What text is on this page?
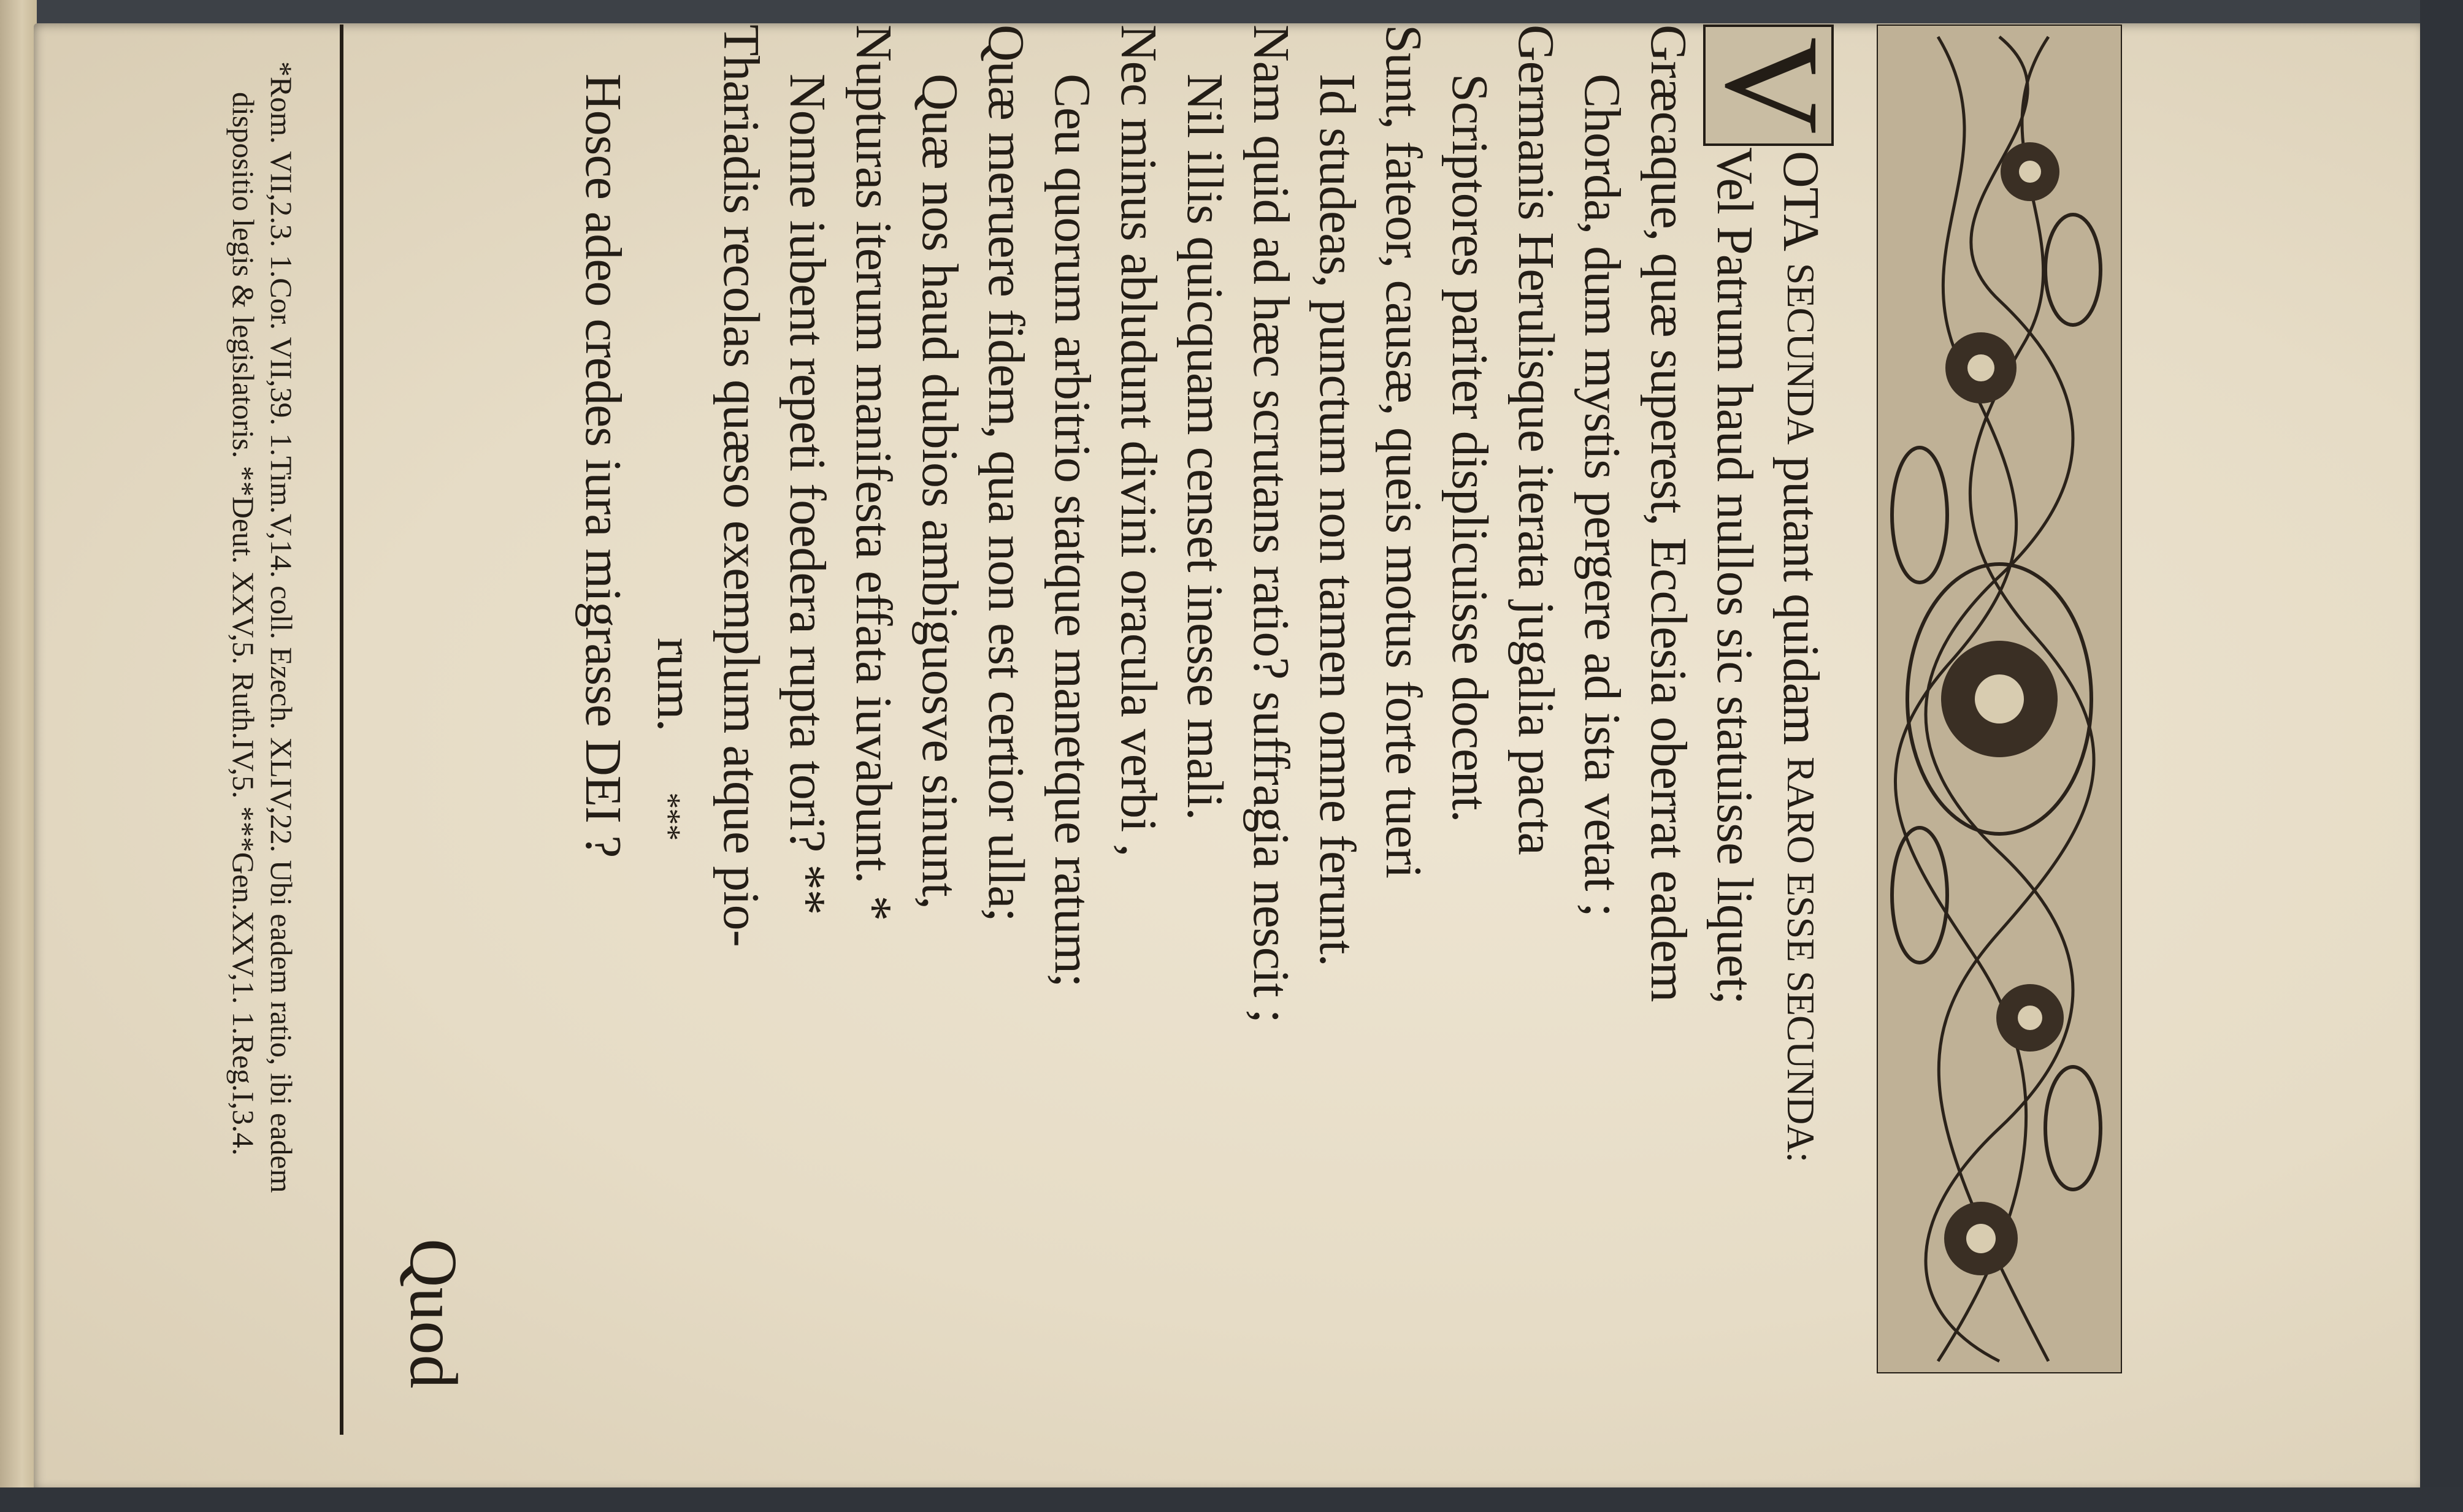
V
OTA

SECUNDA

putant quidam

RARO ESSE SECUNDA:
Vel Patrum haud nullos sic statuisse liquet;
Græcaque, quæ superest, Ecclesia oberrat eadem
Chorda, dum mystis pergere ad ista vetat ;
Germanis Herulisque iterata jugalia pacta
Scriptores pariter displicuisse docent.
Sunt, fateor, causæ, queis motus forte tueri
Id studeas, punctum non tamen omne ferunt.
Nam quid ad hæc scrutans ratio? suffragia nescit ;
Nil illis quicquam censet inesse mali.
Nec minus abludunt divini oracula verbi ,
Ceu quorum arbitrio statque manetque ratum;
Quæ meruere fidem, qua non est certior ulla;
Quæ nos haud dubios ambiguosve sinunt,
Nupturas iterum manifesta effata iuvabunt. *
Nonne iubent repeti foedera rupta tori? **
Thariadis recolas quæso exemplum atque pio-
rum.     ***
Hosce adeo credes iura migrasse DEI ?
Quod
*Rom. VII,2.3. 1.Cor. VII,39. 1.Tim.V,14. coll. Ezech. XLIV,22. Ubi eadem ratio, ibi eadem
dispositio legis & legislatoris. **Deut. XXV,5. Ruth.IV,5. ***Gen.XXV,1. 1.Reg.I,3.4.
